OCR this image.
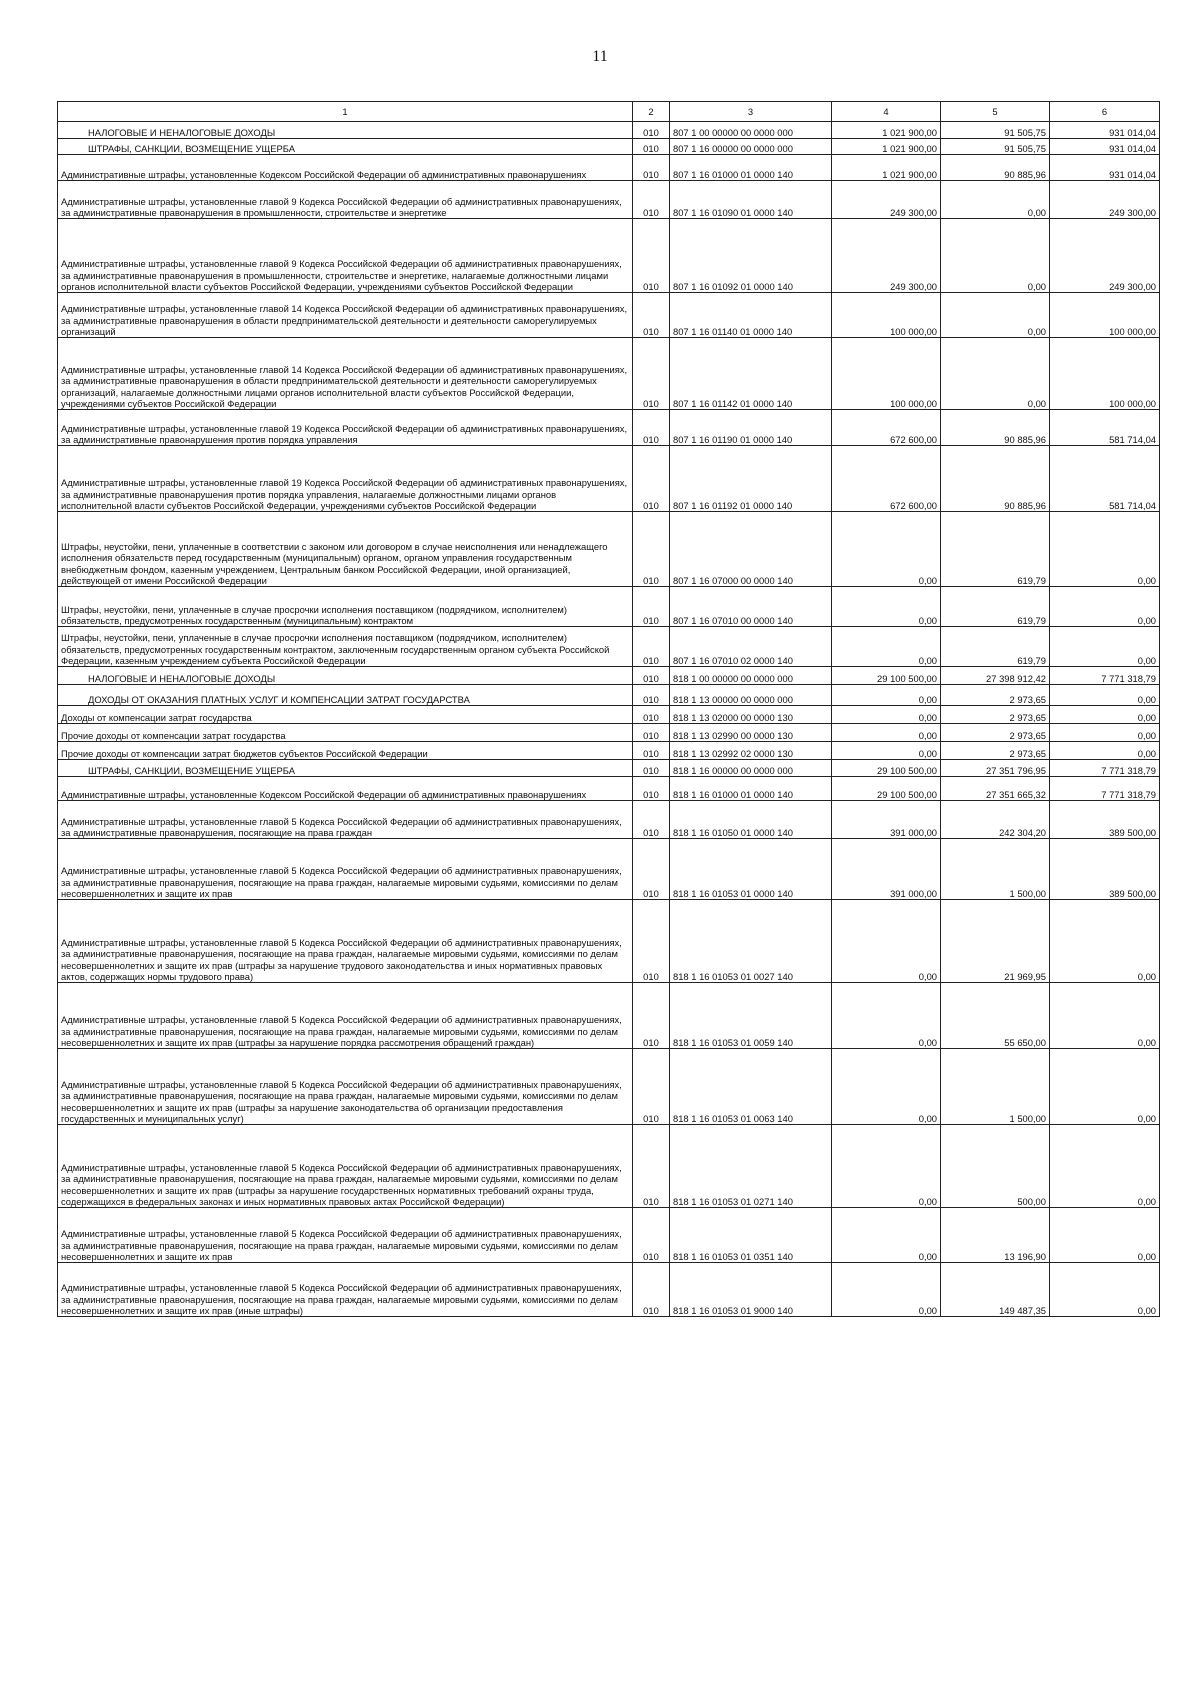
11
1	2	3	4	5	6
НАЛОГОВЫЕ И НЕНАЛОГОВЫЕ ДОХОДЫ	010	807 1 00 00000 00 0000 000	1 021 900,00	91 505,75	931 014,04
ШТРАФЫ, САНКЦИИ, ВОЗМЕЩЕНИЕ УЩЕРБА	010	807 1 16 00000 00 0000 000	1 021 900,00	91 505,75	931 014,04
Административные штрафы, установленные Кодексом Российской Федерации об административных правонарушениях	010	807 1 16 01000 01 0000 140	1 021 900,00	90 885,96	931 014,04
Административные штрафы, установленные главой 9 Кодекса Российской Федерации об административных правонарушениях, за административные правонарушения в промышленности, строительстве и энергетике	010	807 1 16 01090 01 0000 140	249 300,00	0,00	249 300,00
Административные штрафы, установленные главой 9 Кодекса Российской Федерации об административных правонарушениях, за административные правонарушения в промышленности, строительстве и энергетике, налагаемые должностными лицами органов исполнительной власти субъектов Российской Федерации, учреждениями субъектов Российской Федерации	010	807 1 16 01092 01 0000 140	249 300,00	0,00	249 300,00
Административные штрафы, установленные главой 14 Кодекса Российской Федерации об административных правонарушениях, за административные правонарушения в области предпринимательской деятельности и деятельности саморегулируемых организаций	010	807 1 16 01140 01 0000 140	100 000,00	0,00	100 000,00
Административные штрафы, установленные главой 14 Кодекса Российской Федерации об административных правонарушениях, за административные правонарушения в области предпринимательской деятельности и деятельности саморегулируемых организаций, налагаемые должностными лицами органов исполнительной власти субъектов Российской Федерации, учреждениями субъектов Российской Федерации	010	807 1 16 01142 01 0000 140	100 000,00	0,00	100 000,00
Административные штрафы, установленные главой 19 Кодекса Российской Федерации об административных правонарушениях, за административные правонарушения против порядка управления	010	807 1 16 01190 01 0000 140	672 600,00	90 885,96	581 714,04
Административные штрафы, установленные главой 19 Кодекса Российской Федерации об административных правонарушениях, за административные правонарушения против порядка управления, налагаемые должностными лицами органов исполнительной власти субъектов Российской Федерации, учреждениями субъектов Российской Федерации	010	807 1 16 01192 01 0000 140	672 600,00	90 885,96	581 714,04
Штрафы, неустойки, пени, уплаченные в соответствии с законом или договором в случае неисполнения или ненадлежащего исполнения обязательств перед государственным (муниципальным) органом, органом управления государственным внебюджетным фондом, казенным учреждением, Центральным банком Российской Федерации, иной организацией, действующей от имени Российской Федерации	010	807 1 16 07000 00 0000 140	0,00	619,79	0,00
Штрафы, неустойки, пени, уплаченные в случае просрочки исполнения поставщиком (подрядчиком, исполнителем) обязательств, предусмотренных государственным (муниципальным) контрактом	010	807 1 16 07010 00 0000 140	0,00	619,79	0,00
Штрафы, неустойки, пени, уплаченные в случае просрочки исполнения поставщиком (подрядчиком, исполнителем) обязательств, предусмотренных государственным контрактом, заключенным государственным органом субъекта Российской Федерации, казенным учреждением субъекта Российской Федерации	010	807 1 16 07010 02 0000 140	0,00	619,79	0,00
НАЛОГОВЫЕ И НЕНАЛОГОВЫЕ ДОХОДЫ	010	818 1 00 00000 00 0000 000	29 100 500,00	27 398 912,42	7 771 318,79
ДОХОДЫ ОТ ОКАЗАНИЯ ПЛАТНЫХ УСЛУГ И КОМПЕНСАЦИИ ЗАТРАТ ГОСУДАРСТВА	010	818 1 13 00000 00 0000 000	0,00	2 973,65	0,00
Доходы от компенсации затрат государства	010	818 1 13 02000 00 0000 130	0,00	2 973,65	0,00
Прочие доходы от компенсации затрат государства	010	818 1 13 02990 00 0000 130	0,00	2 973,65	0,00
Прочие доходы от компенсации затрат бюджетов субъектов Российской Федерации	010	818 1 13 02992 02 0000 130	0,00	2 973,65	0,00
ШТРАФЫ, САНКЦИИ, ВОЗМЕЩЕНИЕ УЩЕРБА	010	818 1 16 00000 00 0000 000	29 100 500,00	27 351 796,95	7 771 318,79
Административные штрафы, установленные Кодексом Российской Федерации об административных правонарушениях	010	818 1 16 01000 01 0000 140	29 100 500,00	27 351 665,32	7 771 318,79
Административные штрафы, установленные главой 5 Кодекса Российской Федерации об административных правонарушениях, за административные правонарушения, посягающие на права граждан	010	818 1 16 01050 01 0000 140	391 000,00	242 304,20	389 500,00
Административные штрафы, установленные главой 5 Кодекса Российской Федерации об административных правонарушениях, за административные правонарушения, посягающие на права граждан, налагаемые мировыми судьями, комиссиями по делам несовершеннолетних и защите их прав	010	818 1 16 01053 01 0000 140	391 000,00	1 500,00	389 500,00
Административные штрафы, установленные главой 5 Кодекса Российской Федерации об административных правонарушениях, за административные правонарушения, посягающие на права граждан, налагаемые мировыми судьями, комиссиями по делам несовершеннолетних и защите их прав (штрафы за нарушение трудового законодательства и иных нормативных правовых актов, содержащих нормы трудового права)	010	818 1 16 01053 01 0027 140	0,00	21 969,95	0,00
Административные штрафы, установленные главой 5 Кодекса Российской Федерации об административных правонарушениях, за административные правонарушения, посягающие на права граждан, налагаемые мировыми судьями, комиссиями по делам несовершеннолетних и защите их прав (штрафы за нарушение порядка рассмотрения обращений граждан)	010	818 1 16 01053 01 0059 140	0,00	55 650,00	0,00
Административные штрафы, установленные главой 5 Кодекса Российской Федерации об административных правонарушениях, за административные правонарушения, посягающие на права граждан, налагаемые мировыми судьями, комиссиями по делам несовершеннолетних и защите их прав (штрафы за нарушение законодательства об организации предоставления государственных и муниципальных услуг)	010	818 1 16 01053 01 0063 140	0,00	1 500,00	0,00
Административные штрафы, установленные главой 5 Кодекса Российской Федерации об административных правонарушениях, за административные правонарушения, посягающие на права граждан, налагаемые мировыми судьями, комиссиями по делам несовершеннолетних и защите их прав (штрафы за нарушение государственных нормативных требований охраны труда, содержащихся в федеральных законах и иных нормативных правовых актах Российской Федерации)	010	818 1 16 01053 01 0271 140	0,00	500,00	0,00
Административные штрафы, установленные главой 5 Кодекса Российской Федерации об административных правонарушениях, за административные правонарушения, посягающие на права граждан, налагаемые мировыми судьями, комиссиями по делам несовершеннолетних и защите их прав	010	818 1 16 01053 01 0351 140	0,00	13 196,90	0,00
Административные штрафы, установленные главой 5 Кодекса Российской Федерации об административных правонарушениях, за административные правонарушения, посягающие на права граждан, налагаемые мировыми судьями, комиссиями по делам несовершеннолетних и защите их прав (иные штрафы)	010	818 1 16 01053 01 9000 140	0,00	149 487,35	0,00
